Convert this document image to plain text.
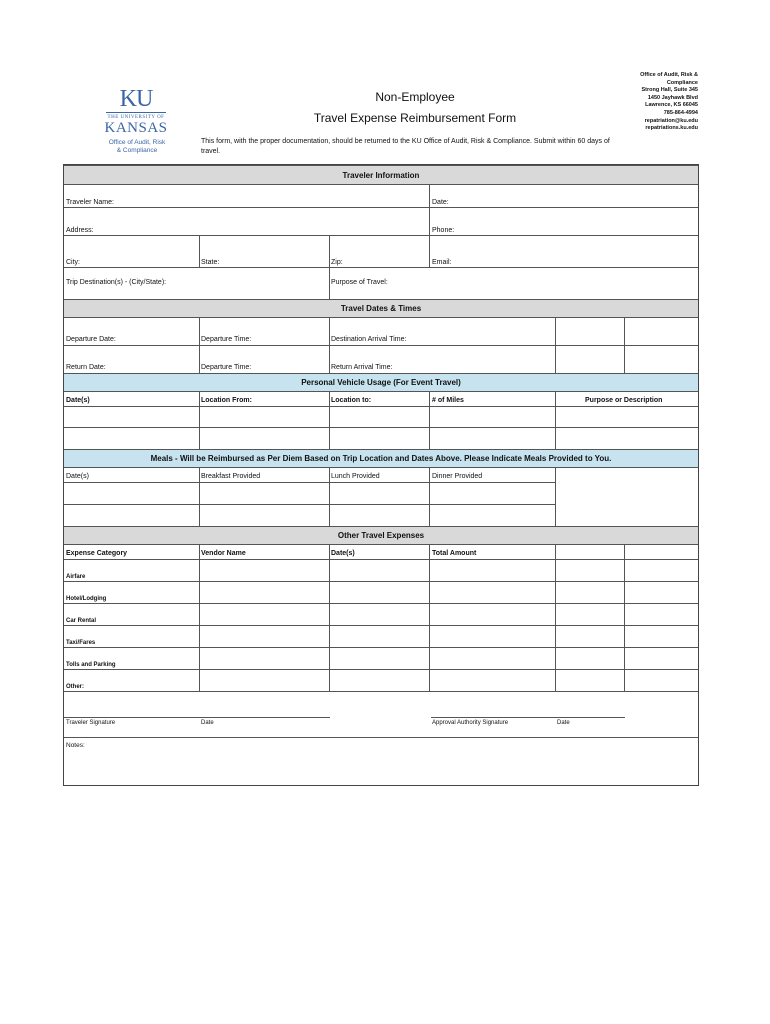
KU
THE UNIVERSITY OF
KANSAS
Office of Audit, Risk
& Compliance
Non-Employee
Travel Expense Reimbursement Form
This form, with the proper documentation, should be returned to the KU Office of Audit, Risk & Compliance. Submit within 60 days of travel.
Office of Audit, Risk &
Compliance
Strong Hall, Suite 345
1450 Jayhawk Blvd
Lawrence, KS 66045
785-864-4994
repatriation@ku.edu
repatriations.ku.edu
Traveler Information
Traveler Name:	Date:
Address:	Phone:
City:	State:	Zip:	Email:
Trip Destination(s) - (City/State):	Purpose of Travel:
Travel Dates & Times
Departure Date:	Departure Time:	Destination Arrival Time:
Return Date:	Departure Time:	Return Arrival Time:
Personal Vehicle Usage (For Event Travel)
Date(s)	Location From:	Location to:	# of Miles	Purpose or Description
Meals - Will be Reimbursed as Per Diem Based on Trip Location and Dates Above. Please Indicate Meals Provided to You.
Date(s)	Breakfast Provided	Lunch Provided	Dinner Provided
Other Travel Expenses
Expense Category	Vendor Name	Date(s)	Total Amount
Airfare
Hotel/Lodging
Car Rental
Taxi/Fares
Tolls and Parking
Other:
Traveler Signature	Date	Approval Authority Signature	Date
Notes:
